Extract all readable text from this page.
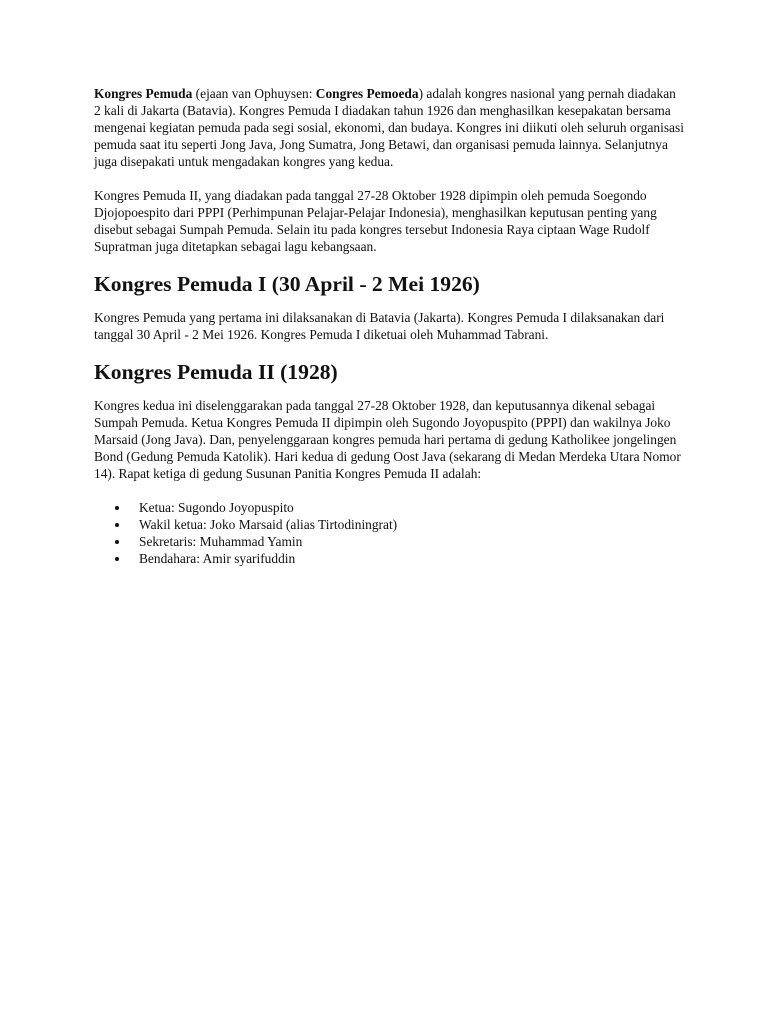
Kongres Pemuda (ejaan van Ophuysen: Congres Pemoeda) adalah kongres nasional yang pernah diadakan 2 kali di Jakarta (Batavia). Kongres Pemuda I diadakan tahun 1926 dan menghasilkan kesepakatan bersama mengenai kegiatan pemuda pada segi sosial, ekonomi, dan budaya. Kongres ini diikuti oleh seluruh organisasi pemuda saat itu seperti Jong Java, Jong Sumatra, Jong Betawi, dan organisasi pemuda lainnya. Selanjutnya juga disepakati untuk mengadakan kongres yang kedua.

Kongres Pemuda II, yang diadakan pada tanggal 27-28 Oktober 1928 dipimpin oleh pemuda Soegondo Djojopoespito dari PPPI (Perhimpunan Pelajar-Pelajar Indonesia), menghasilkan keputusan penting yang disebut sebagai Sumpah Pemuda. Selain itu pada kongres tersebut Indonesia Raya ciptaan Wage Rudolf Supratman juga ditetapkan sebagai lagu kebangsaan.

Kongres Pemuda I (30 April - 2 Mei 1926)

Kongres Pemuda yang pertama ini dilaksanakan di Batavia (Jakarta). Kongres Pemuda I dilaksanakan dari tanggal 30 April - 2 Mei 1926. Kongres Pemuda I diketuai oleh Muhammad Tabrani.

Kongres Pemuda II (1928)

Kongres kedua ini diselenggarakan pada tanggal 27-28 Oktober 1928, dan keputusannya dikenal sebagai Sumpah Pemuda. Ketua Kongres Pemuda II dipimpin oleh Sugondo Joyopuspito (PPPI) dan wakilnya Joko Marsaid (Jong Java). Dan, penyelenggaraan kongres pemuda hari pertama di gedung Katholikee jongelingen Bond (Gedung Pemuda Katolik). Hari kedua di gedung Oost Java (sekarang di Medan Merdeka Utara Nomor 14). Rapat ketiga di gedung Susunan Panitia Kongres Pemuda II adalah:

Ketua: Sugondo Joyopuspito
Wakil ketua: Joko Marsaid (alias Tirtodiningrat)
Sekretaris: Muhammad Yamin
Bendahara: Amir syarifuddin
